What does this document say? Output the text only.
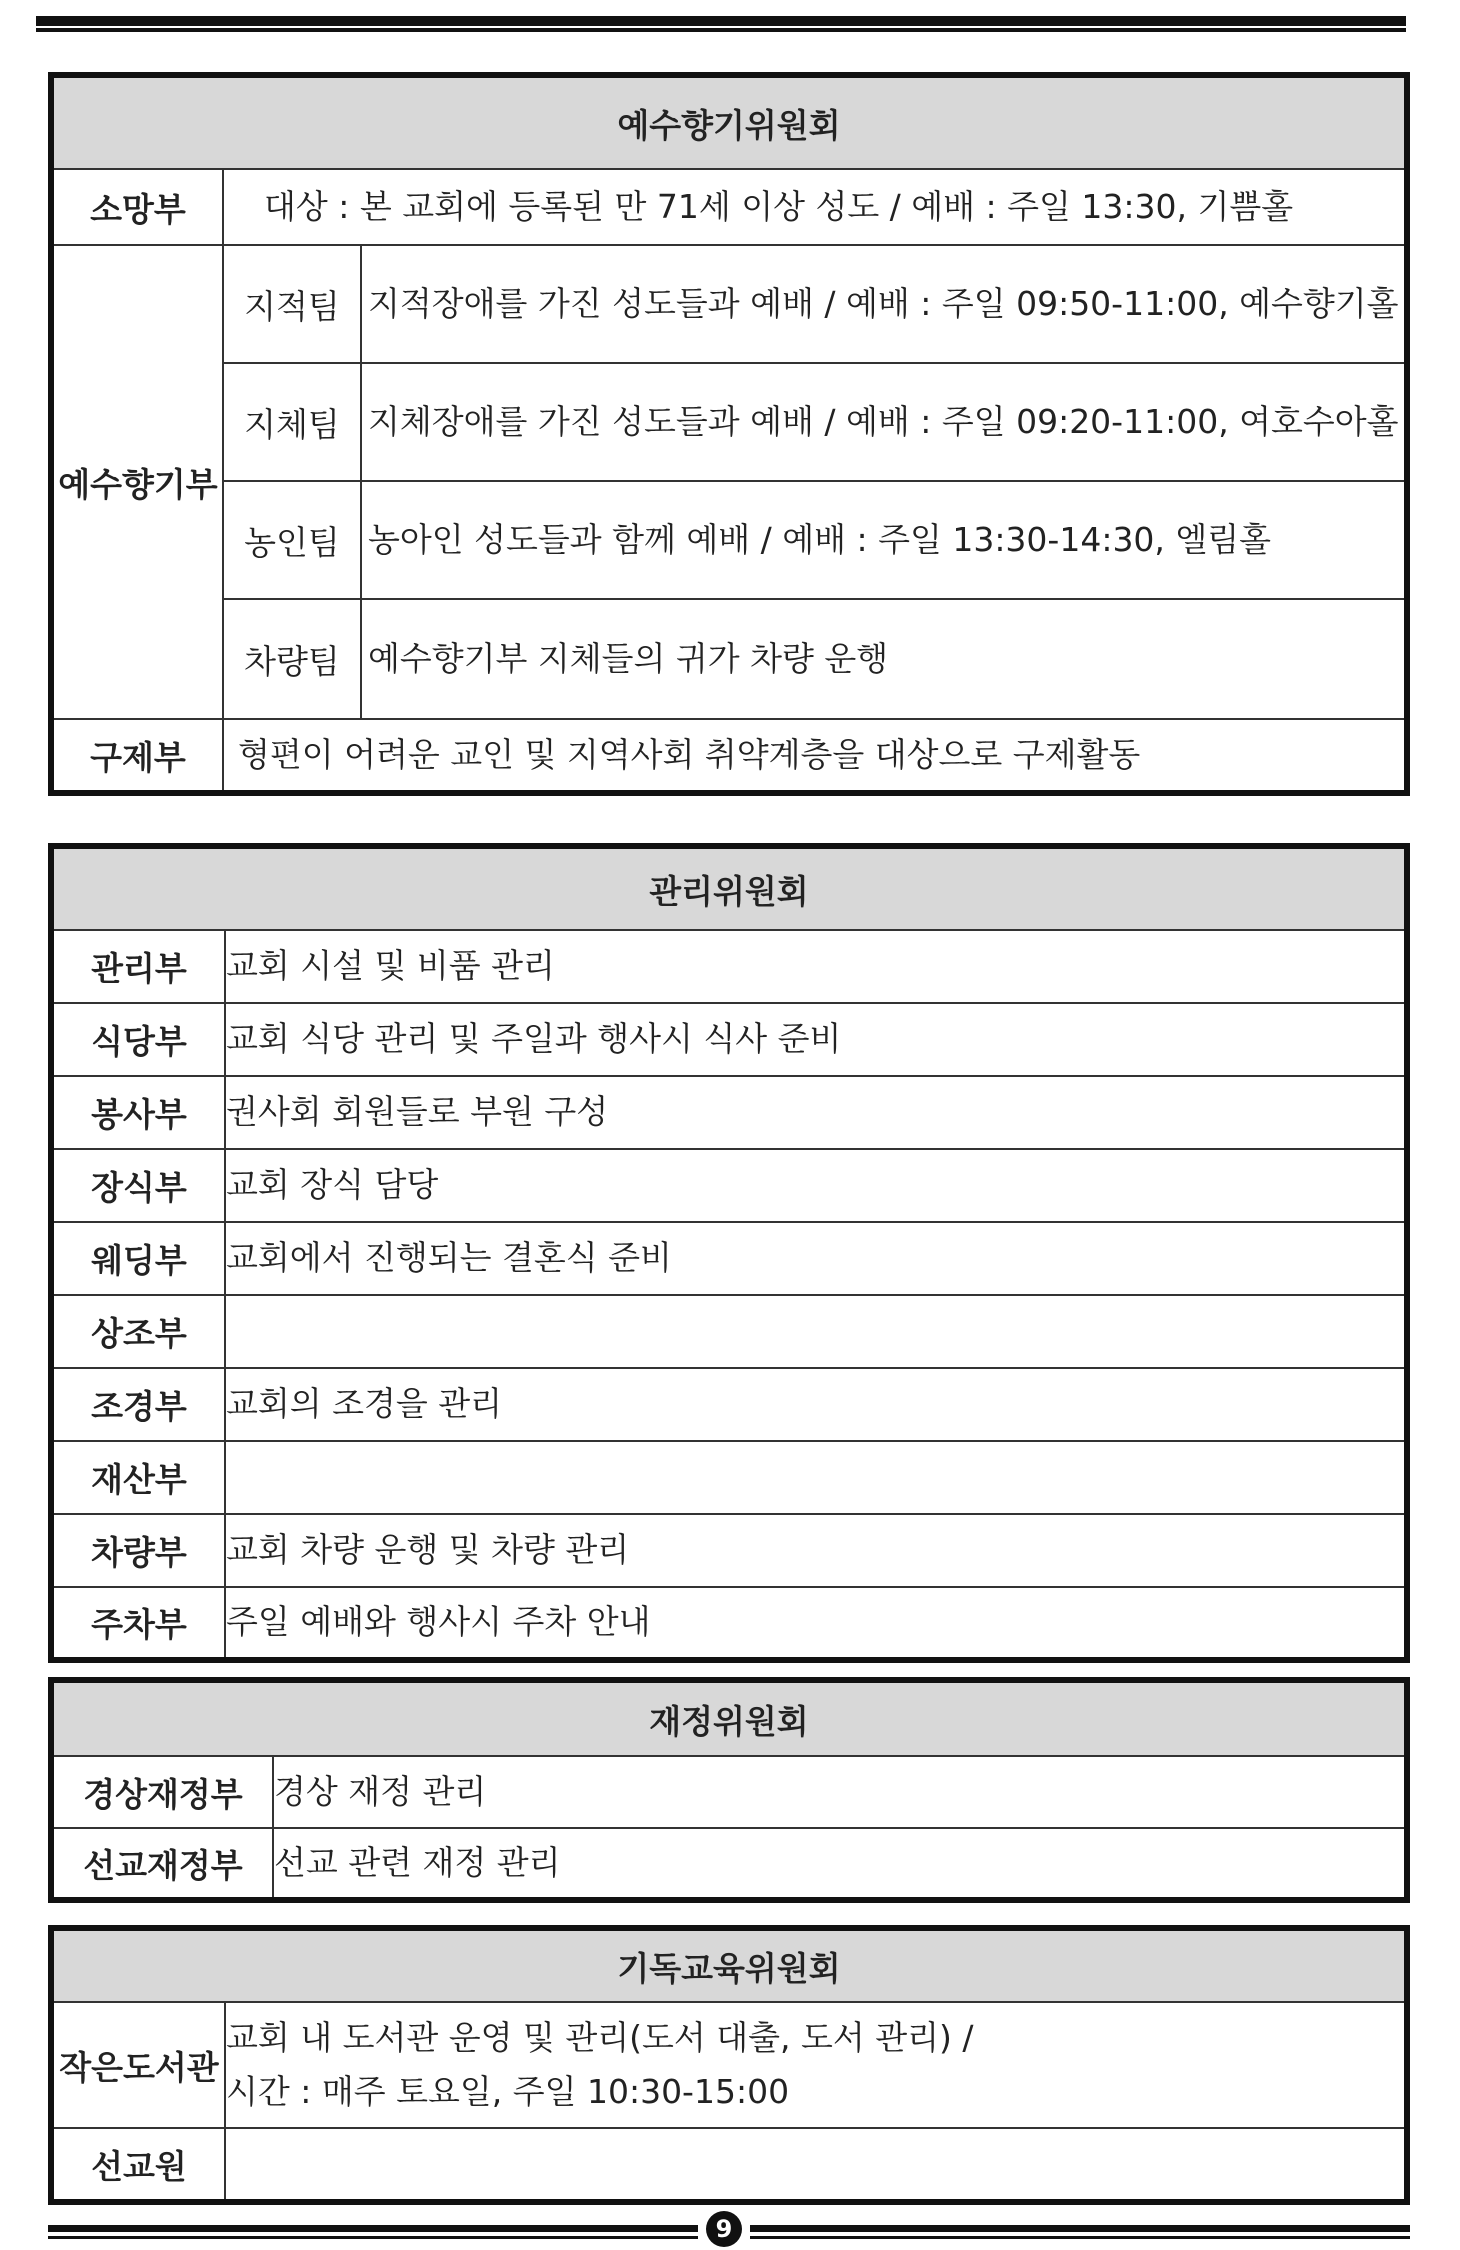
예수향기위원회		
소망부	대상 : 본 교회에 등록된 만 71세 이상 성도 / 예배 : 주일 13:30, 기쁨홀	
예수향기부	지적팀	지적장애를 가진 성도들과 예배 / 예배 : 주일 09:50-11:00, 예수향기홀
	지체팀	지체장애를 가진 성도들과 예배 / 예배 : 주일 09:20-11:00, 여호수아홀
	농인팀	농아인 성도들과 함께 예배 / 예배 : 주일 13:30-14:30, 엘림홀
	차량팀	예수향기부 지체들의 귀가 차량 운행
구제부	형편이 어려운 교인 및 지역사회 취약계층을 대상으로 구제활동	
관리위원회	
관리부	교회 시설 및 비품 관리
식당부	교회 식당 관리 및 주일과 행사시 식사 준비
봉사부	권사회 회원들로 부원 구성
장식부	교회 장식 담당
웨딩부	교회에서 진행되는 결혼식 준비
상조부	
조경부	교회의 조경을 관리
재산부	
차량부	교회 차량 운행 및 차량 관리
주차부	주일 예배와 행사시 주차 안내
재정위원회	
경상재정부	경상 재정 관리
선교재정부	선교 관련 재정 관리
기독교육위원회	
작은도서관	교회 내 도서관 운영 및 관리(도서 대출, 도서 관리) /
시간 : 매주 토요일, 주일 10:30-15:00

선교원	
9
